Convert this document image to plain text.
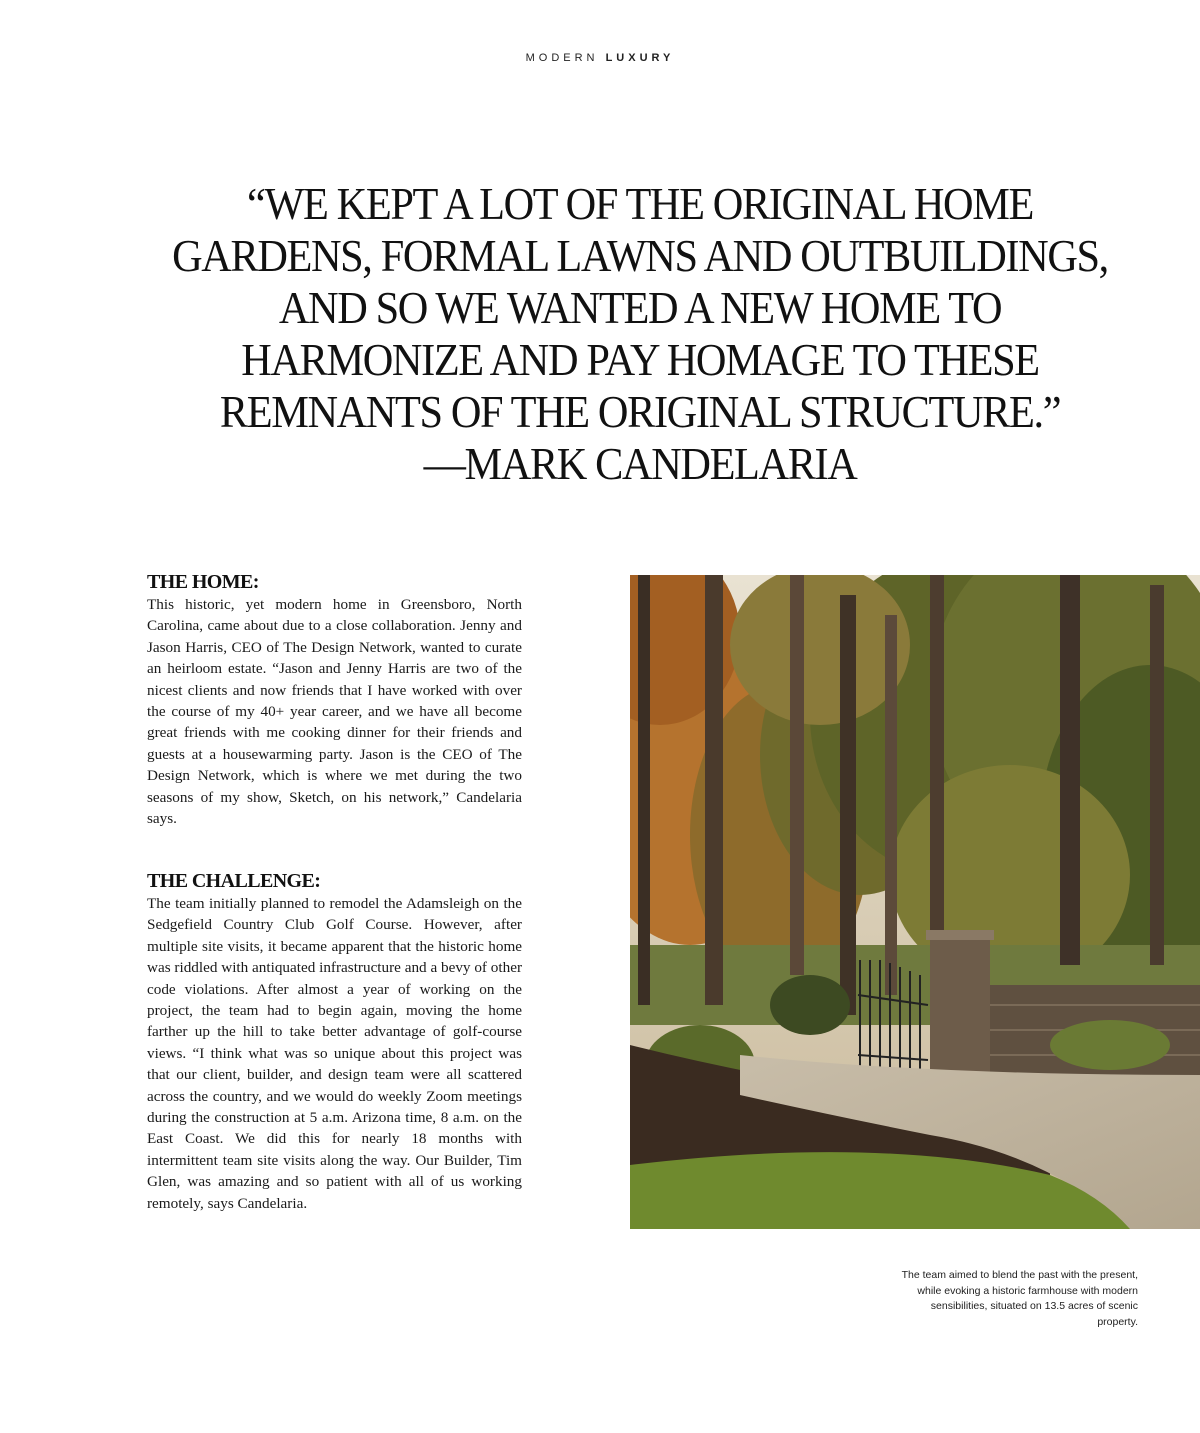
MODERN LUXURY
“WE KEPT A LOT OF THE ORIGINAL HOME
GARDENS, FORMAL LAWNS AND OUTBUILDINGS,
AND SO WE WANTED A NEW HOME TO
HARMONIZE AND PAY HOMAGE TO THESE
REMNANTS OF THE ORIGINAL STRUCTURE.”
—MARK CANDELARIA
THE HOME:

This historic, yet modern home in Greensboro, North Carolina, came about due to a close collaboration. Jenny and Jason Harris, CEO of The Design Network, wanted to curate an heirloom estate. “Jason and Jenny Harris are two of the nicest clients and now friends that I have worked with over the course of my 40+ year career, and we have all become great friends with me cooking dinner for their friends and guests at a housewarming party. Jason is the CEO of The Design Network, which is where we met during the two seasons of my show, Sketch, on his network,” Candelaria says.

THE CHALLENGE:

The team initially planned to remodel the Adamsleigh on the Sedgefield Country Club Golf Course. However, after multiple site visits, it became apparent that the historic home was riddled with antiquated infrastructure and a bevy of other code violations. After almost a year of working on the project, the team had to begin again, moving the home farther up the hill to take better advantage of golf-course views. “I think what was so unique about this project was that our client, builder, and design team were all scattered across the country, and we would do weekly Zoom meetings during the construction at 5 a.m. Arizona time, 8 a.m. on the East Coast. We did this for nearly 18 months with intermittent team site visits along the way. Our Builder, Tim Glen, was amazing and so patient with all of us working remotely, says Candelaria.

The team aimed to blend the past with the present, while evoking a historic farmhouse with modern sensibilities, situated on 13.5 acres of scenic property.
